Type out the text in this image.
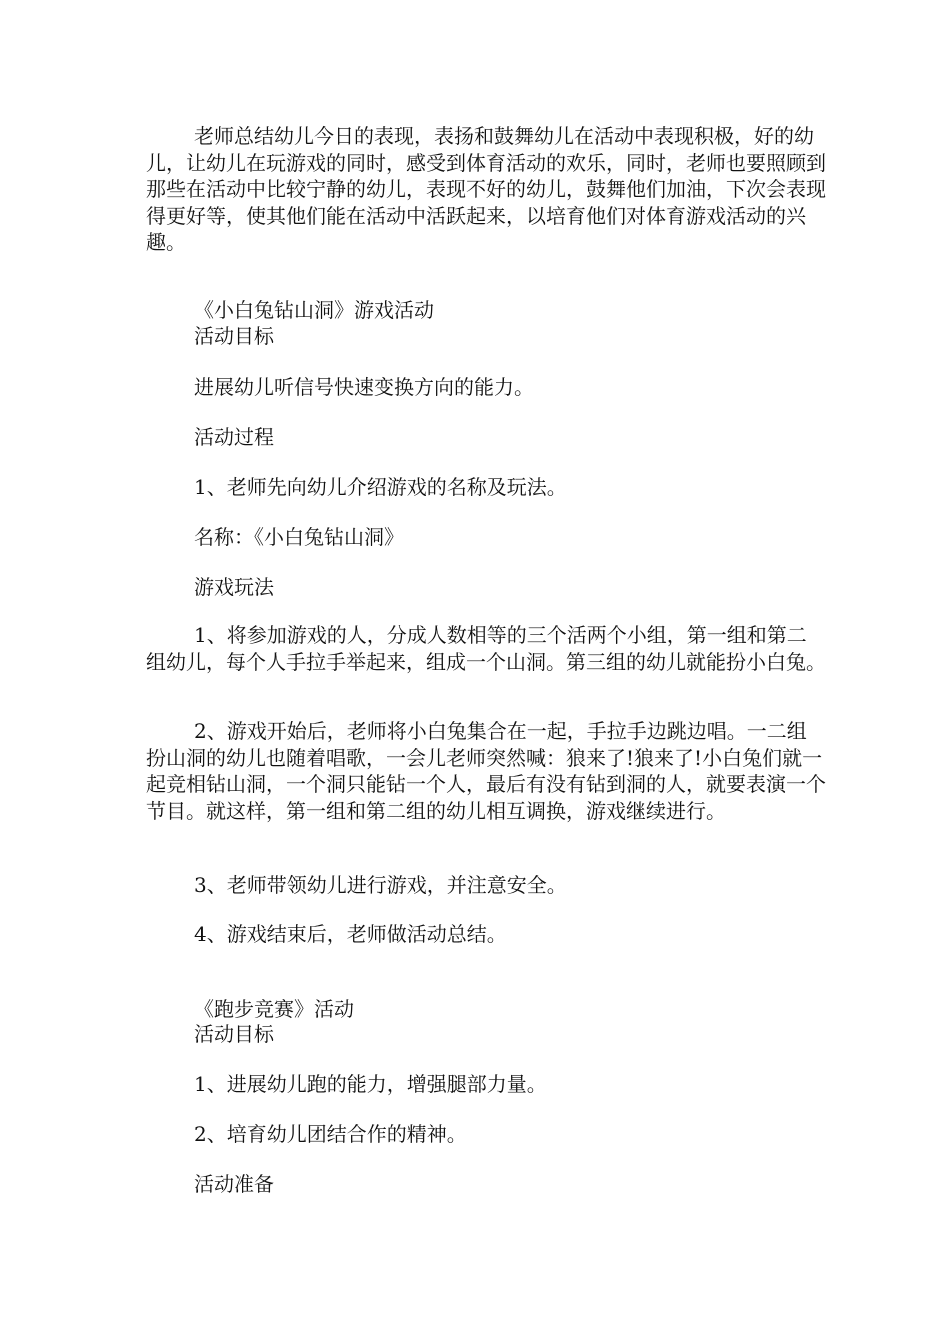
老师总结幼儿今日的表现，表扬和鼓舞幼儿在活动中表现积极，好的幼儿，让幼儿在玩游戏的同时，感受到体育活动的欢乐，同时，老师也要照顾到那些在活动中比较宁静的幼儿，表现不好的幼儿，鼓舞他们加油，下次会表现得更好等，使其他们能在活动中活跃起来，以培育他们对体育游戏活动的兴趣。

《小白兔钻山洞》游戏活动

活动目标

进展幼儿听信号快速变换方向的能力。

活动过程

1、老师先向幼儿介绍游戏的名称及玩法。

名称：《小白兔钻山洞》

游戏玩法

1、将参加游戏的人，分成人数相等的三个活两个小组，第一组和第二组幼儿，每个人手拉手举起来，组成一个山洞。第三组的幼儿就能扮小白兔。

2、游戏开始后，老师将小白兔集合在一起，手拉手边跳边唱。一二组扮山洞的幼儿也随着唱歌，一会儿老师突然喊：狼来了!狼来了!小白兔们就一起竞相钻山洞，一个洞只能钻一个人，最后有没有钻到洞的人，就要表演一个节目。就这样，第一组和第二组的幼儿相互调换，游戏继续进行。

3、老师带领幼儿进行游戏，并注意安全。

4、游戏结束后，老师做活动总结。

《跑步竞赛》活动

活动目标

1、进展幼儿跑的能力，增强腿部力量。

2、培育幼儿团结合作的精神。

活动准备
